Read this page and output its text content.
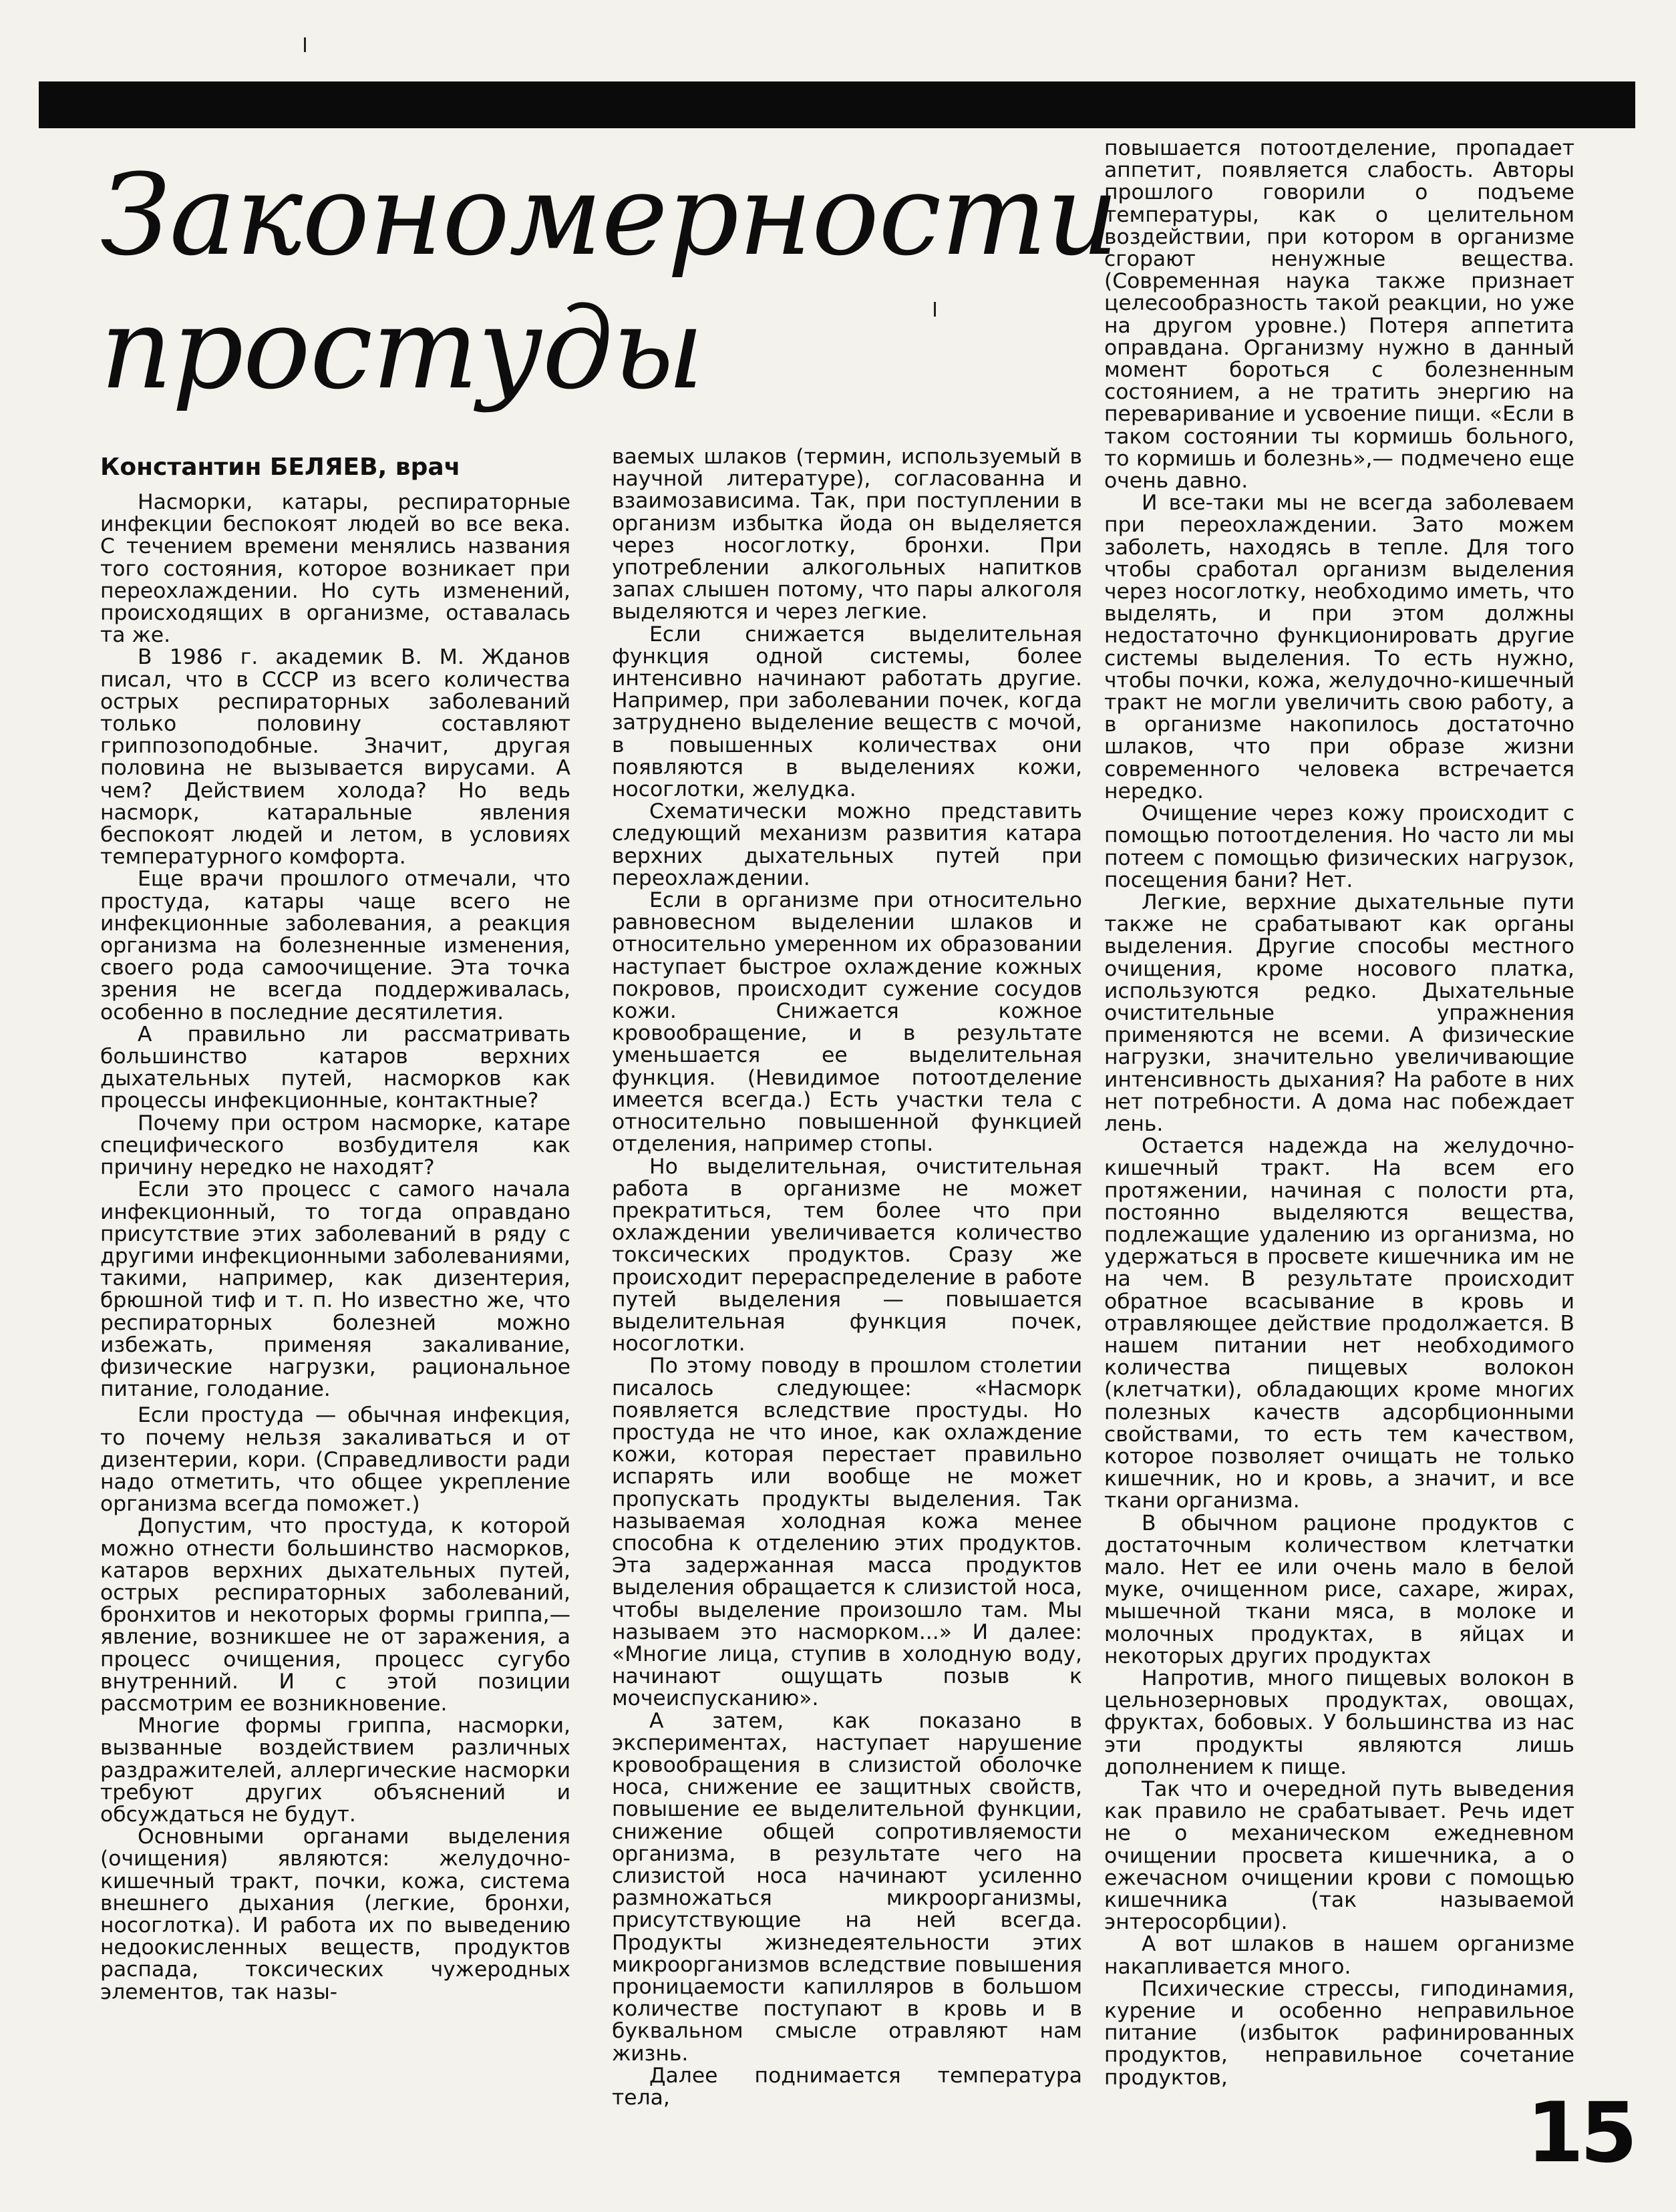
Закономерности
простуды
Константин БЕЛЯЕВ, врач

Насморки, катары, респираторные инфекции беспокоят людей во все века. С течением времени менялись названия того состояния, которое возникает при переохлаждении. Но суть изменений, происходящих в организме, оставалась та же.

В 1986 г. академик В. М. Жданов писал, что в СССР из всего количества острых респираторных заболеваний только половину составляют гриппозоподобные. Значит, другая половина не вызывается вирусами. А чем? Действием холода? Но ведь насморк, катаральные явления беспокоят людей и летом, в условиях температурного комфорта.

Еще врачи прошлого отмечали, что простуда, катары чаще всего не инфекционные заболевания, а реакция организма на болезненные изменения, своего рода самоочищение. Эта точка зрения не всегда поддерживалась, особенно в последние десятилетия.

А правильно ли рассматривать большинство катаров верхних дыхательных путей, насморков как процессы инфекционные, контактные?

Почему при остром насморке, катаре специфического возбудителя как причину нередко не находят?

Если это процесс с самого начала инфекционный, то тогда оправдано присутствие этих заболеваний в ряду с другими инфекционными заболеваниями, такими, например, как дизентерия, брюшной тиф и т. п. Но известно же, что респираторных болезней можно избежать, применяя закаливание, физические нагрузки, рациональное питание, голодание.

Если простуда — обычная инфекция, то почему нельзя закаливаться и от дизентерии, кори. (Справедливости ради надо отметить, что общее укрепление организма всегда поможет.)

Допустим, что простуда, к которой можно отнести большинство насморков, катаров верхних дыхательных путей, острых респираторных заболеваний, бронхитов и некоторых формы гриппа,— явление, возникшее не от заражения, а процесс очищения, процесс сугубо внутренний. И с этой позиции рассмотрим ее возникновение.

Многие формы гриппа, насморки, вызванные воздействием различных раздражителей, аллергические насморки требуют других объяснений и обсуждаться не будут.

Основными органами выделения (очищения) являются: желудочно-кишечный тракт, почки, кожа, система внешнего дыхания (легкие, бронхи, носоглотка). И работа их по выведению недоокисленных веществ, продуктов распада, токсических чужеродных элементов, так назы-

ваемых шлаков (термин, используемый в научной литературе), согласованна и взаимозависима. Так, при поступлении в организм избытка йода он выделяется через носоглотку, бронхи. При употреблении алкогольных напитков запах слышен потому, что пары алкоголя выделяются и через легкие.

Если снижается выделительная функция одной системы, более интенсивно начинают работать другие. Например, при заболевании почек, когда затруднено выделение веществ с мочой, в повышенных количествах они появляются в выделениях кожи, носоглотки, желудка.

Схематически можно представить следующий механизм развития катара верхних дыхательных путей при переохлаждении.

Если в организме при относительно равновесном выделении шлаков и относительно умеренном их образовании наступает быстрое охлаждение кожных покровов, происходит сужение сосудов кожи. Снижается кожное кровообращение, и в результате уменьшается ее выделительная функция. (Невидимое потоотделение имеется всегда.) Есть участки тела с относительно повышенной функцией отделения, например стопы.

Но выделительная, очистительная работа в организме не может прекратиться, тем более что при охлаждении увеличивается количество токсических продуктов. Сразу же происходит перераспределение в работе путей выделения — повышается выделительная функция почек, носоглотки.

По этому поводу в прошлом столетии писалось следующее: «Насморк появляется вследствие простуды. Но простуда не что иное, как охлаждение кожи, которая перестает правильно испарять или вообще не может пропускать продукты выделения. Так называемая холодная кожа менее способна к отделению этих продуктов. Эта задержанная масса продуктов выделения обращается к слизистой носа, чтобы выделение произошло там. Мы называем это насморком...» И далее: «Многие лица, ступив в холодную воду, начинают ощущать позыв к мочеиспусканию».

А затем, как показано в экспериментах, наступает нарушение кровообращения в слизистой оболочке носа, снижение ее защитных свойств, повышение ее выделительной функции, снижение общей сопротивляемости организма, в результате чего на слизистой носа начинают усиленно размножаться микроорганизмы, присутствующие на ней всегда. Продукты жизнедеятельности этих микроорганизмов вследствие повышения проницаемости капилляров в большом количестве поступают в кровь и в буквальном смысле отравляют нам жизнь.

Далее поднимается температура тела,

повышается потоотделение, пропадает аппетит, появляется слабость. Авторы прошлого говорили о подъеме температуры, как о целительном воздействии, при котором в организме сгорают ненужные вещества. (Современная наука также признает целесообразность такой реакции, но уже на другом уровне.) Потеря аппетита оправдана. Организму нужно в данный момент бороться с болезненным состоянием, а не тратить энергию на переваривание и усвоение пищи. «Если в таком состоянии ты кормишь больного, то кормишь и болезнь»,— подмечено еще очень давно.

И все-таки мы не всегда заболеваем при переохлаждении. Зато можем заболеть, находясь в тепле. Для того чтобы сработал организм выделения через носоглотку, необходимо иметь, что выделять, и при этом должны недостаточно функционировать другие системы выделения. То есть нужно, чтобы почки, кожа, желудочно-кишечный тракт не могли увеличить свою работу, а в организме накопилось достаточно шлаков, что при образе жизни современного человека встречается нередко.

Очищение через кожу происходит с помощью потоотделения. Но часто ли мы потеем с помощью физических нагрузок, посещения бани? Нет.

Легкие, верхние дыхательные пути также не срабатывают как органы выделения. Другие способы местного очищения, кроме носового платка, используются редко. Дыхательные очистительные упражнения применяются не всеми. А физические нагрузки, значительно увеличивающие интенсивность дыхания? На работе в них нет потребности. А дома нас побеждает лень.

Остается надежда на желудочно-кишечный тракт. На всем его протяжении, начиная с полости рта, постоянно выделяются вещества, подлежащие удалению из организма, но удержаться в просвете кишечника им не на чем. В результате происходит обратное всасывание в кровь и отравляющее действие продолжается. В нашем питании нет необходимого количества пищевых волокон (клетчатки), обладающих кроме многих полезных качеств адсорбционными свойствами, то есть тем качеством, которое позволяет очищать не только кишечник, но и кровь, а значит, и все ткани организма.

В обычном рационе продуктов с достаточным количеством клетчатки мало. Нет ее или очень мало в белой муке, очищенном рисе, сахаре, жирах, мышечной ткани мяса, в молоке и молочных продуктах, в яйцах и некоторых других продуктах

Напротив, много пищевых волокон в цельнозерновых продуктах, овощах, фруктах, бобовых. У большинства из нас эти продукты являются лишь дополнением к пище.

Так что и очередной путь выведения как правило не срабатывает. Речь идет не о механическом ежедневном очищении просвета кишечника, а о ежечасном очищении крови с помощью кишечника (так называемой энтеросорбции).

А вот шлаков в нашем организме накапливается много.

Психические стрессы, гиподинамия, курение и особенно неправильное питание (избыток рафинированных продуктов, неправильное сочетание продуктов,

15
